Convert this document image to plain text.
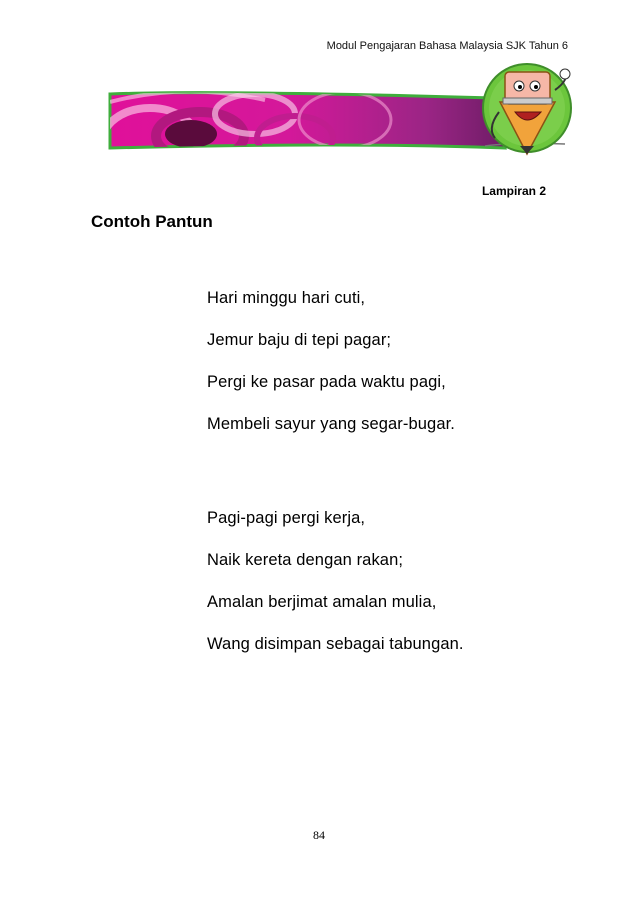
Modul Pengajaran Bahasa Malaysia SJK Tahun 6
Lampiran 2
Contoh Pantun
Hari minggu hari cuti,
Jemur baju di tepi pagar;
Pergi ke pasar pada waktu pagi,
Membeli sayur yang segar-bugar.
Pagi-pagi pergi kerja,
Naik kereta dengan rakan;
Amalan berjimat amalan mulia,
Wang disimpan sebagai tabungan.
84
